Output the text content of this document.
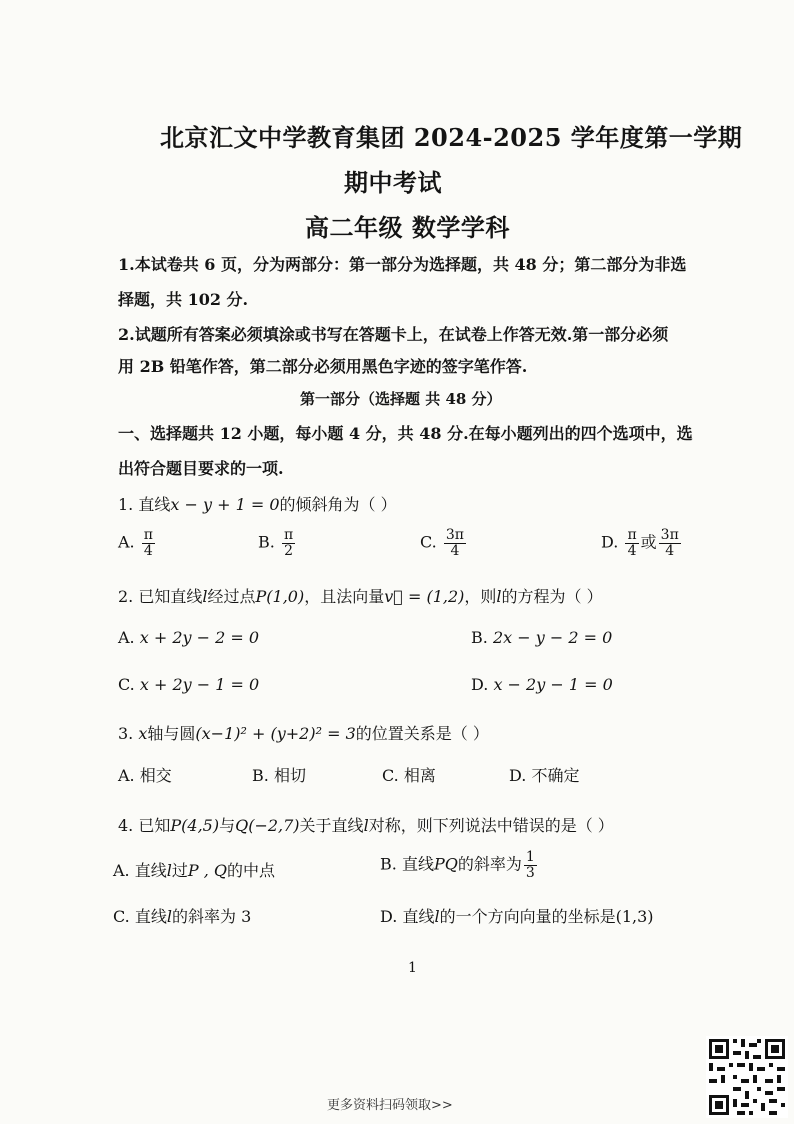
北京汇文中学教育集团 2024-2025 学年度第一学期
期中考试
高二年级 数学学科
1.本试卷共 6 页，分为两部分：第一部分为选择题，共 48 分；第二部分为非选
择题，共 102 分.
2.试题所有答案必须填涂或书写在答题卡上，在试卷上作答无效.第一部分必须
用 2B 铅笔作答，第二部分必须用黑色字迹的签字笔作答.
第一部分（选择题 共 48 分）
一、选择题共 12 小题，每小题 4 分，共 48 分.在每小题列出的四个选项中，选
出符合题目要求的一项.
1. 直线x − y + 1 = 0的倾斜角为（ ）
A. $\frac{\pi}{4}$	B. $\frac{\pi}{2}$	C. $\frac{3\pi}{4}$	D. $\frac{\pi}{4}$ 或 $\frac{3\pi}{4}$
2. 已知直线l经过点P(1,0)，且法向量v⃗ = (1,2)，则l的方程为（ ）
A. x + 2y − 2 = 0	B. 2x − y − 2 = 0
C. x + 2y − 1 = 0	D. x − 2y − 1 = 0
3. x轴与圆(x−1)² + (y+2)² = 3的位置关系是（ ）
A. 相交	B. 相切	C. 相离	D. 不确定
4. 已知P(4,5)与Q(−2,7)关于直线l对称，则下列说法中错误的是（ ）
A. 直线l过P , Q的中点	B. 直线PQ的斜率为 $\frac{1}{3}$
C. 直线l的斜率为 3	D. 直线l的一个方向向量的坐标是(1,3)
1
更多资料扫码领取>>
